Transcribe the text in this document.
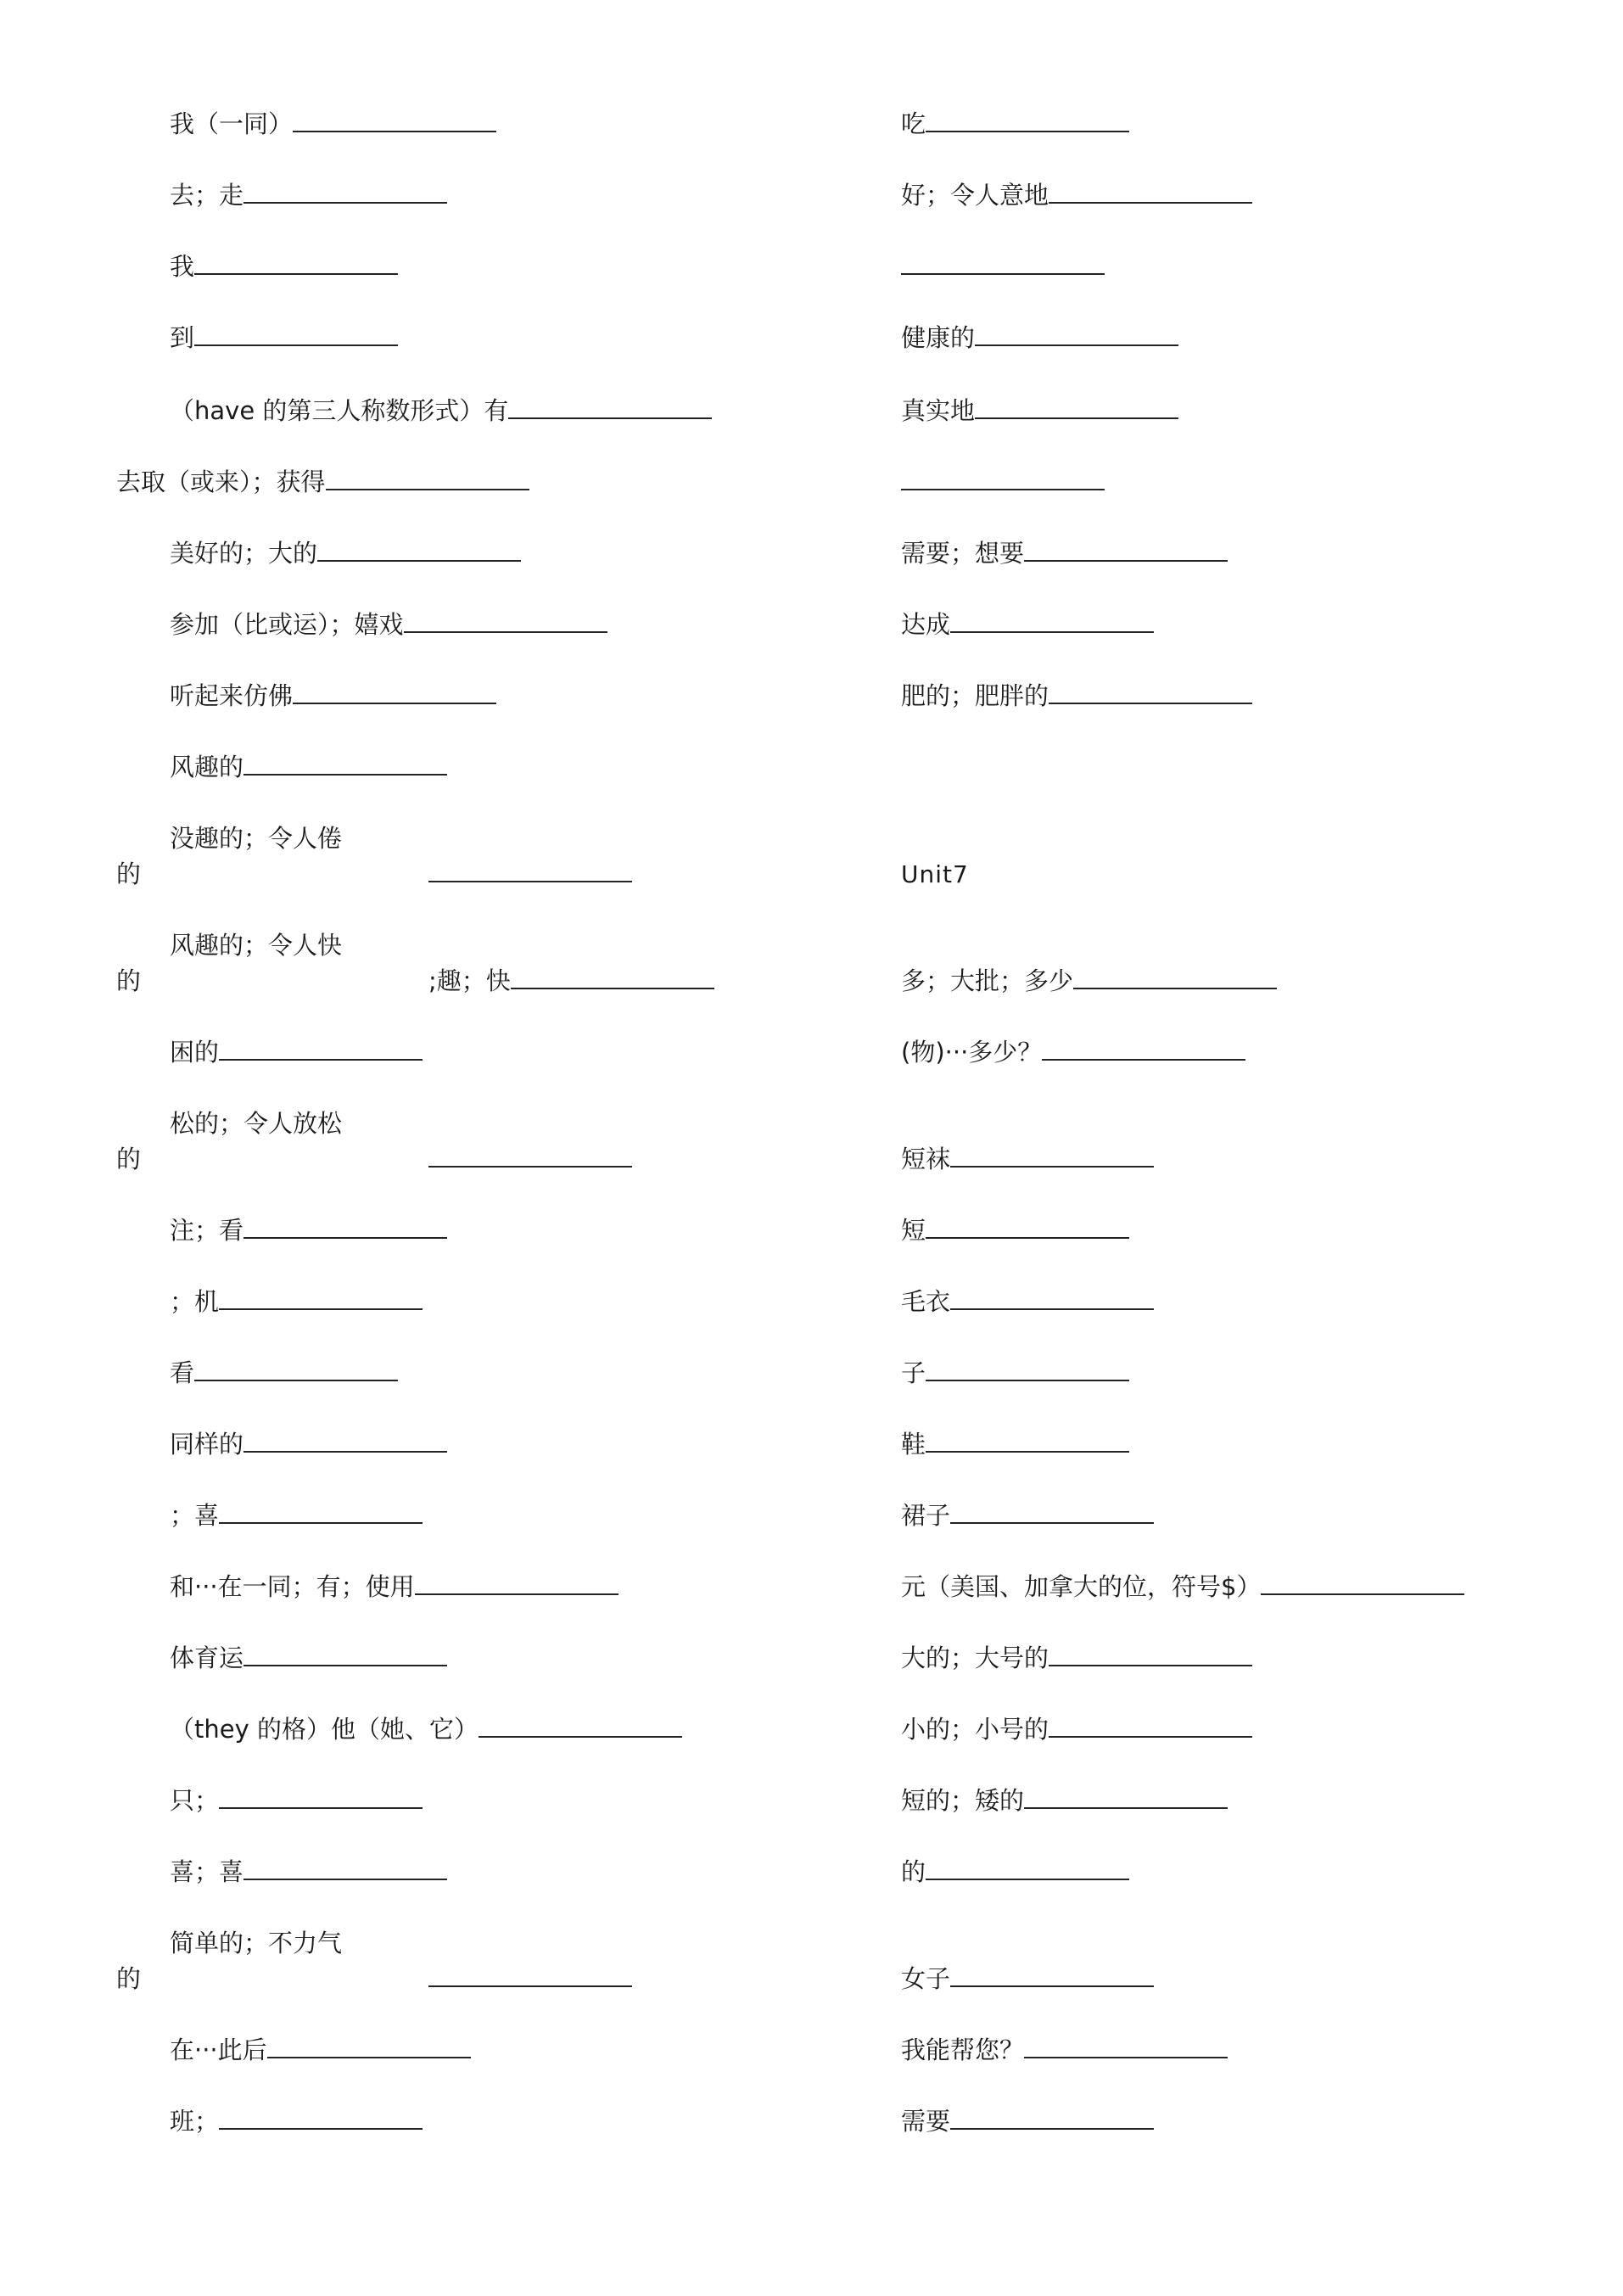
我（一同）
去；走
我
到
（have 的第三人称数形式）有
去取（或来）；获得
美好的；大的
参加（比或运）；嬉戏
听起来仿佛
风趣的
没趣的；令人倦
的
风趣的；令人快
的	;趣；快
困的
松的；令人放松
的
注；看
；机
看
同样的
；喜
和···在一同；有；使用
体育运
（they 的格）他（她、它）
只；
喜；喜
简单的；不力气
的
在···此后
班；
吃
好；令人意地
健康的
真实地
需要；想要
达成
肥的；肥胖的
Unit7
多；大批；多少
(物)···多少？
短袜
短
毛衣
子
鞋
裙子
元（美国、加拿大的位，符号$）
大的；大号的
小的；小号的
短的；矮的
的
女子
我能帮您？
需要
